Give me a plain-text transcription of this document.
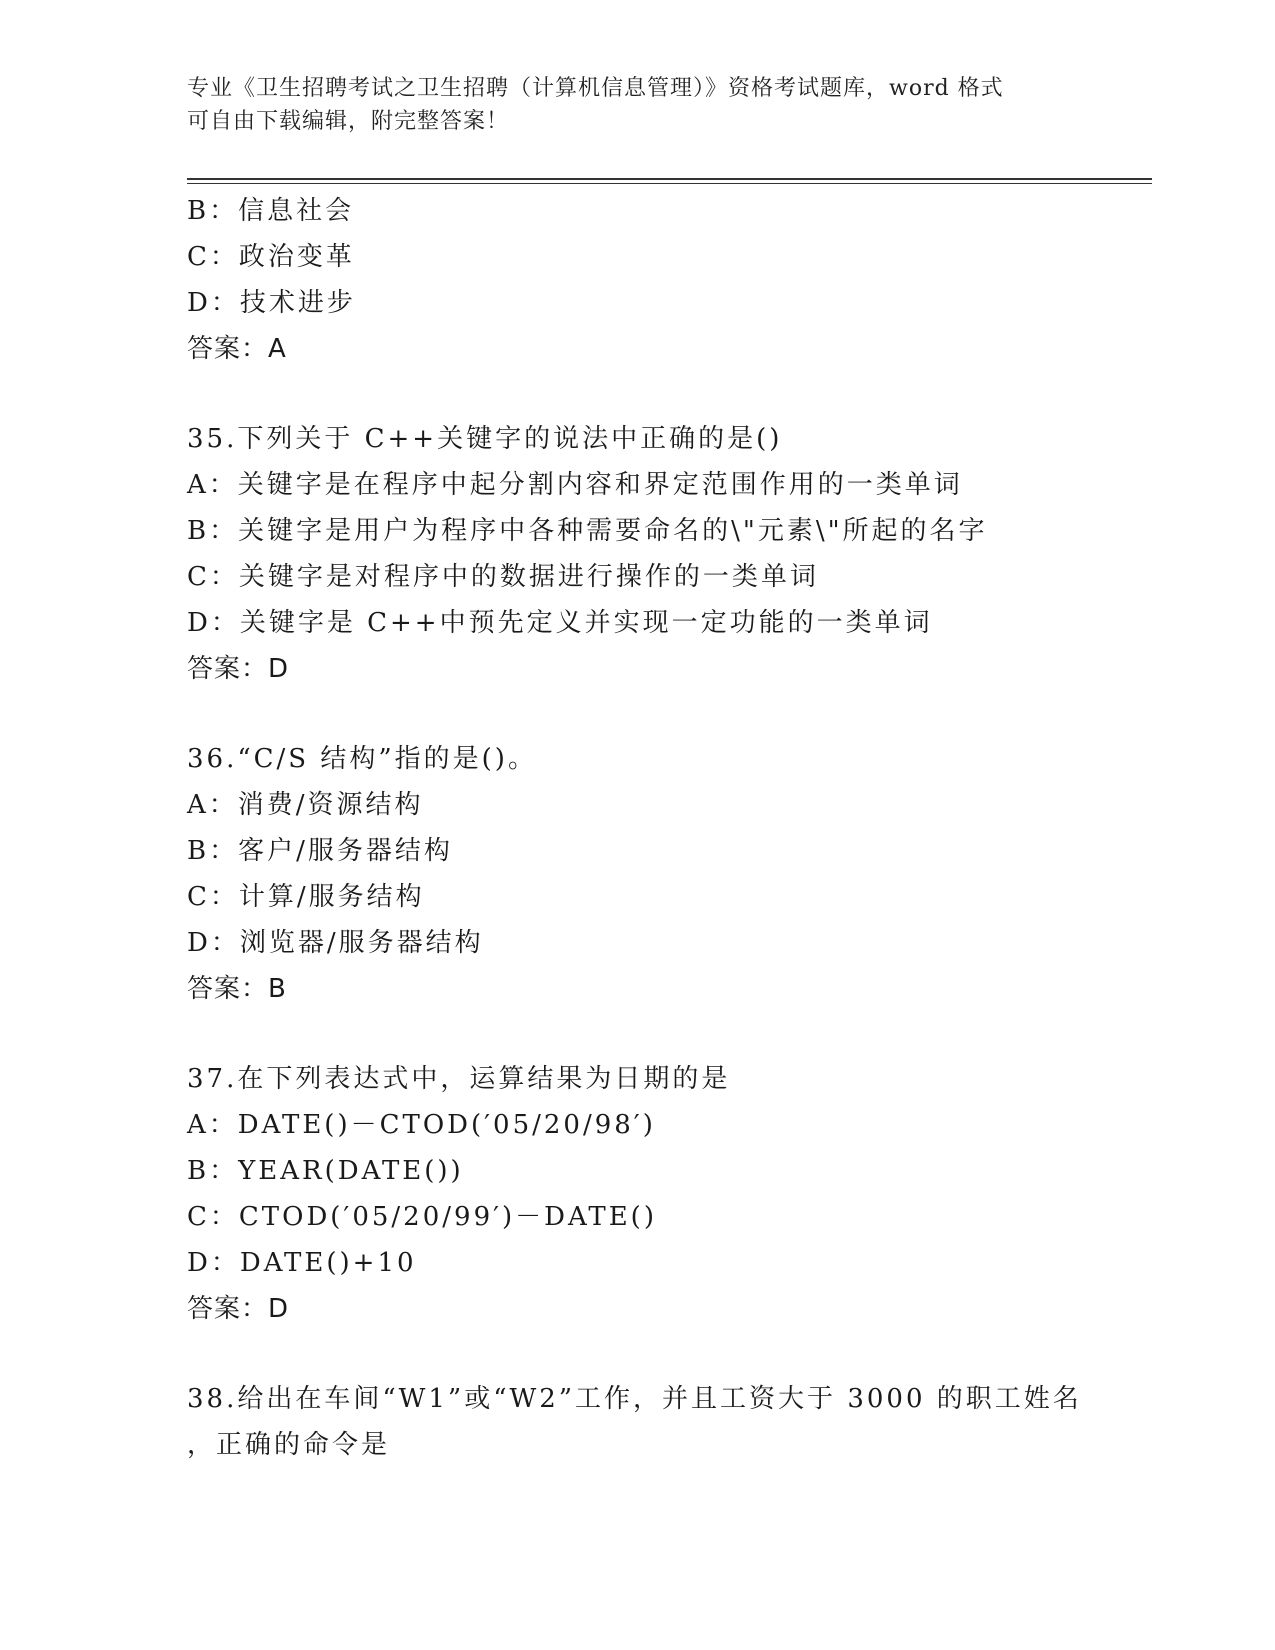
专业《卫生招聘考试之卫生招聘（计算机信息管理）》资格考试题库，word 格式
可自由下载编辑，附完整答案！
B：信息社会
C：政治变革
D：技术进步
答案：A
35.下列关于 C++关键字的说法中正确的是()
A：关键字是在程序中起分割内容和界定范围作用的一类单词
B：关键字是用户为程序中各种需要命名的\"元素\"所起的名字
C：关键字是对程序中的数据进行操作的一类单词
D：关键字是 C++中预先定义并实现一定功能的一类单词
答案：D
36.“C/S 结构”指的是()。
A：消费/资源结构
B：客户/服务器结构
C：计算/服务结构
D：浏览器/服务器结构
答案：B
37.在下列表达式中，运算结果为日期的是
A：DATE()－CTOD(′05/20/98′)
B：YEAR(DATE())
C：CTOD(′05/20/99′)－DATE()
D：DATE()+10
答案：D
38.给出在车间“W1”或“W2”工作，并且工资大于 3000 的职工姓名
，正确的命令是
